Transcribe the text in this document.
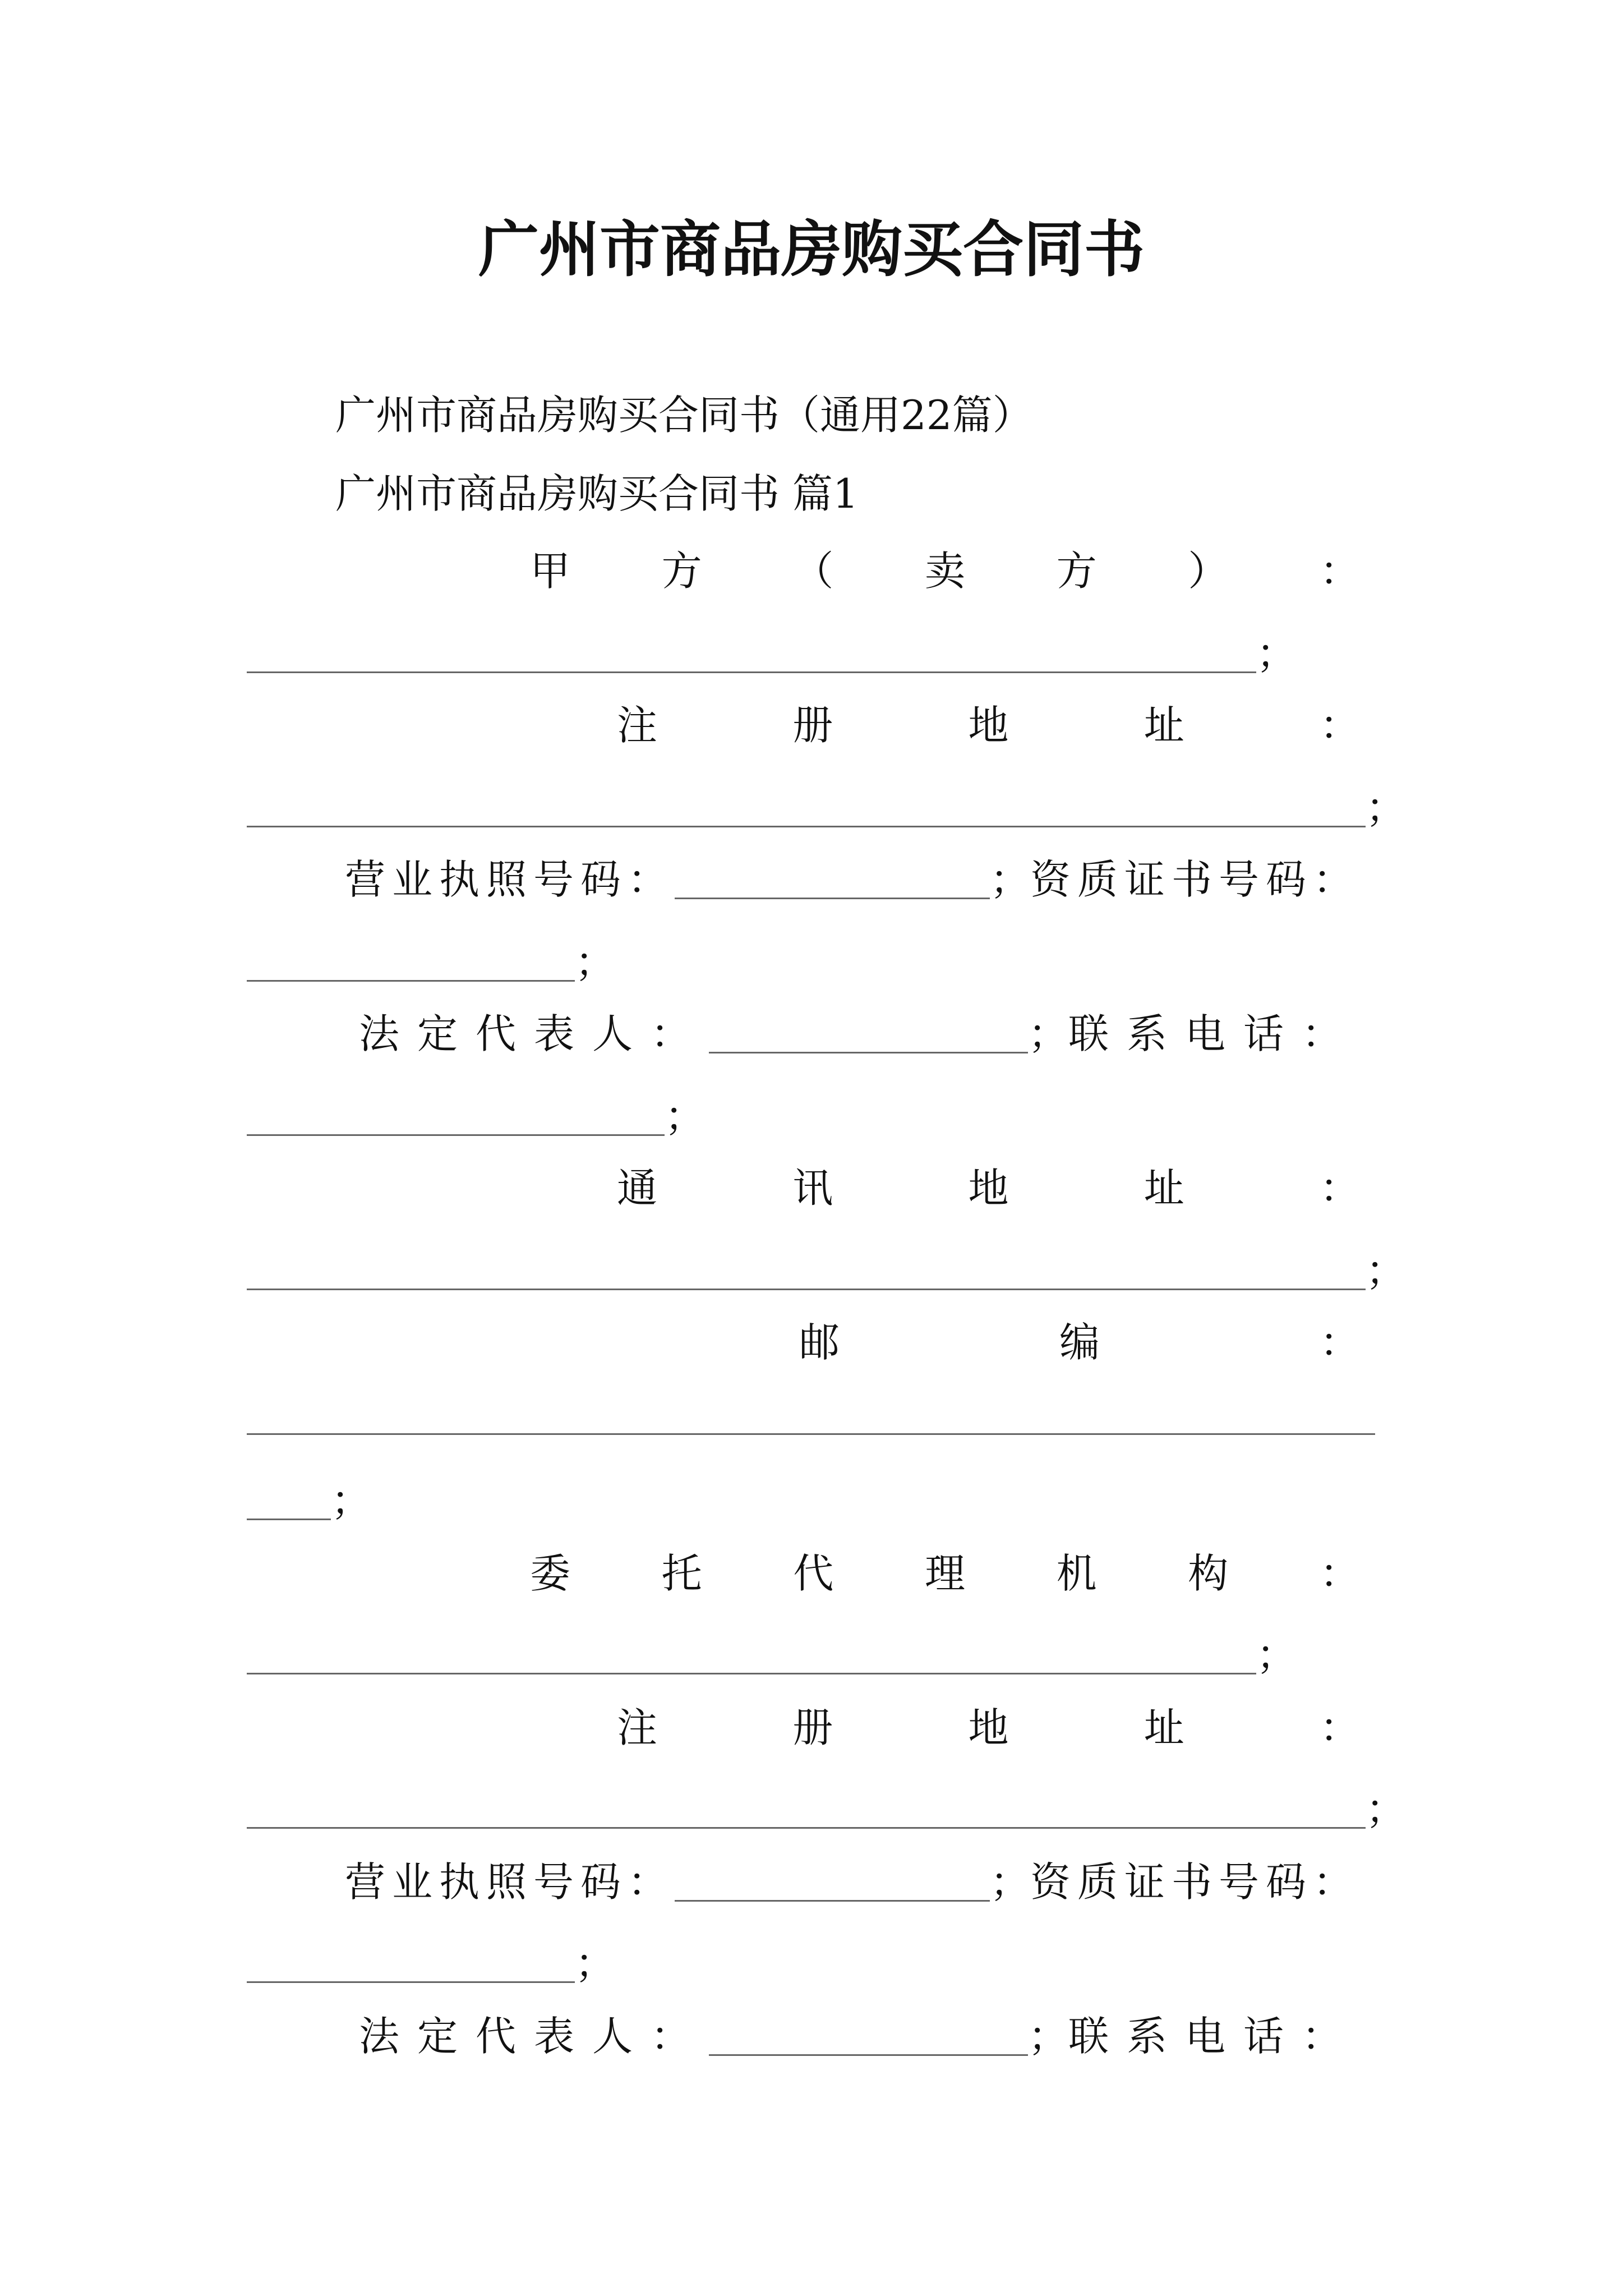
广州市商品房购买合同书
广州市商品房购买合同书（通用22篇）
广州市商品房购买合同书 篇1
甲 方 （ 卖 方 ） ：
；
注	册	地	址	：
；
营业执照号码：	； 资质证书号码：
；
法定代表人：	； 联系电话：
；
通	讯	地	址	：
；
邮	编	：
；
委 托 代 理 机 构 ：
；
注	册	地	址	：
；
营业执照号码：	； 资质证书号码：
；
法定代表人：	； 联系电话：
